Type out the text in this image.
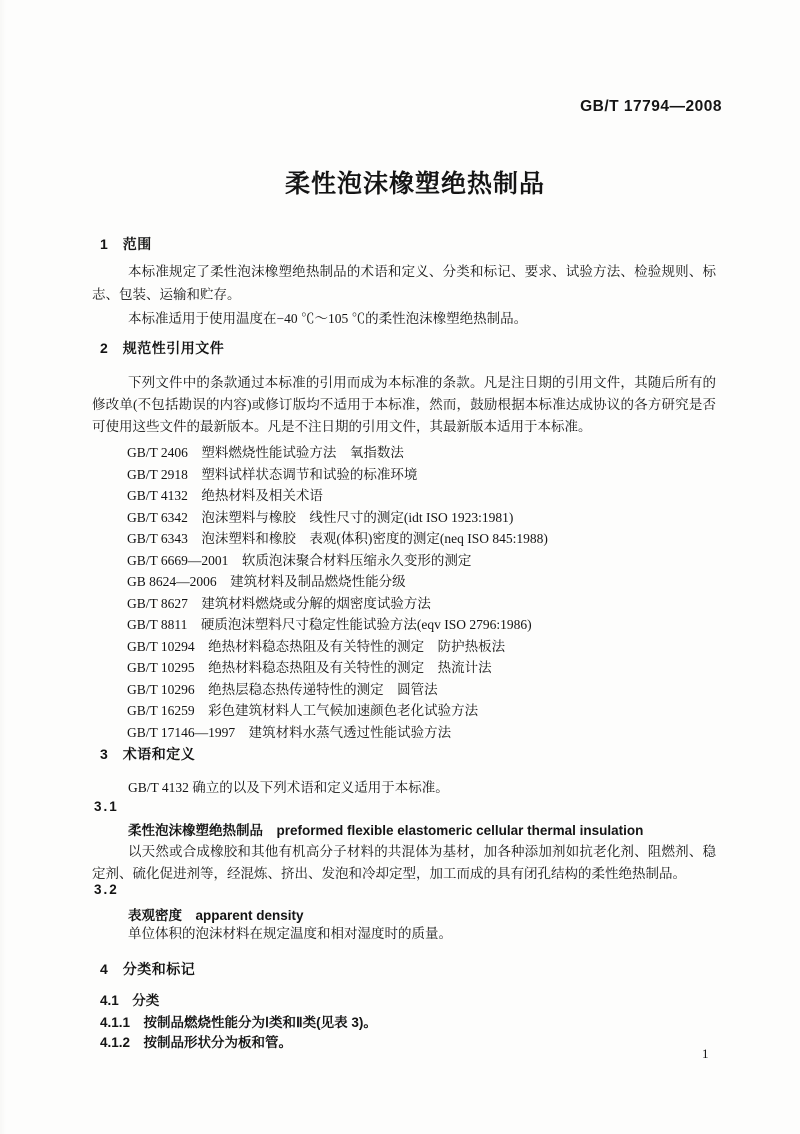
GB/T 17794—2008
柔性泡沫橡塑绝热制品
1　范围
本标准规定了柔性泡沫橡塑绝热制品的术语和定义、分类和标记、要求、试验方法、检验规则、标志、包装、运输和贮存。
本标准适用于使用温度在−40 ℃～105 ℃的柔性泡沫橡塑绝热制品。
2　规范性引用文件
下列文件中的条款通过本标准的引用而成为本标准的条款。凡是注日期的引用文件，其随后所有的修改单(不包括勘误的内容)或修订版均不适用于本标准，然而，鼓励根据本标准达成协议的各方研究是否可使用这些文件的最新版本。凡是不注日期的引用文件，其最新版本适用于本标准。
GB/T 2406　塑料燃烧性能试验方法　氧指数法
GB/T 2918　塑料试样状态调节和试验的标准环境
GB/T 4132　绝热材料及相关术语
GB/T 6342　泡沫塑料与橡胶　线性尺寸的测定(idt ISO 1923:1981)
GB/T 6343　泡沫塑料和橡胶　表观(体积)密度的测定(neq ISO 845:1988)
GB/T 6669—2001　软质泡沫聚合材料压缩永久变形的测定
GB 8624—2006　建筑材料及制品燃烧性能分级
GB/T 8627　建筑材料燃烧或分解的烟密度试验方法
GB/T 8811　硬质泡沫塑料尺寸稳定性能试验方法(eqv ISO 2796:1986)
GB/T 10294　绝热材料稳态热阻及有关特性的测定　防护热板法
GB/T 10295　绝热材料稳态热阻及有关特性的测定　热流计法
GB/T 10296　绝热层稳态热传递特性的测定　圆管法
GB/T 16259　彩色建筑材料人工气候加速颜色老化试验方法
GB/T 17146—1997　建筑材料水蒸气透过性能试验方法
3　术语和定义
GB/T 4132 确立的以及下列术语和定义适用于本标准。
3.1
柔性泡沫橡塑绝热制品　preformed flexible elastomeric cellular thermal insulation
以天然或合成橡胶和其他有机高分子材料的共混体为基材，加各种添加剂如抗老化剂、阻燃剂、稳定剂、硫化促进剂等，经混炼、挤出、发泡和冷却定型，加工而成的具有闭孔结构的柔性绝热制品。
3.2
表观密度　apparent density
单位体积的泡沫材料在规定温度和相对湿度时的质量。
4　分类和标记
4.1　分类
4.1.1　按制品燃烧性能分为Ⅰ类和Ⅱ类(见表 3)。
4.1.2　按制品形状分为板和管。
1
